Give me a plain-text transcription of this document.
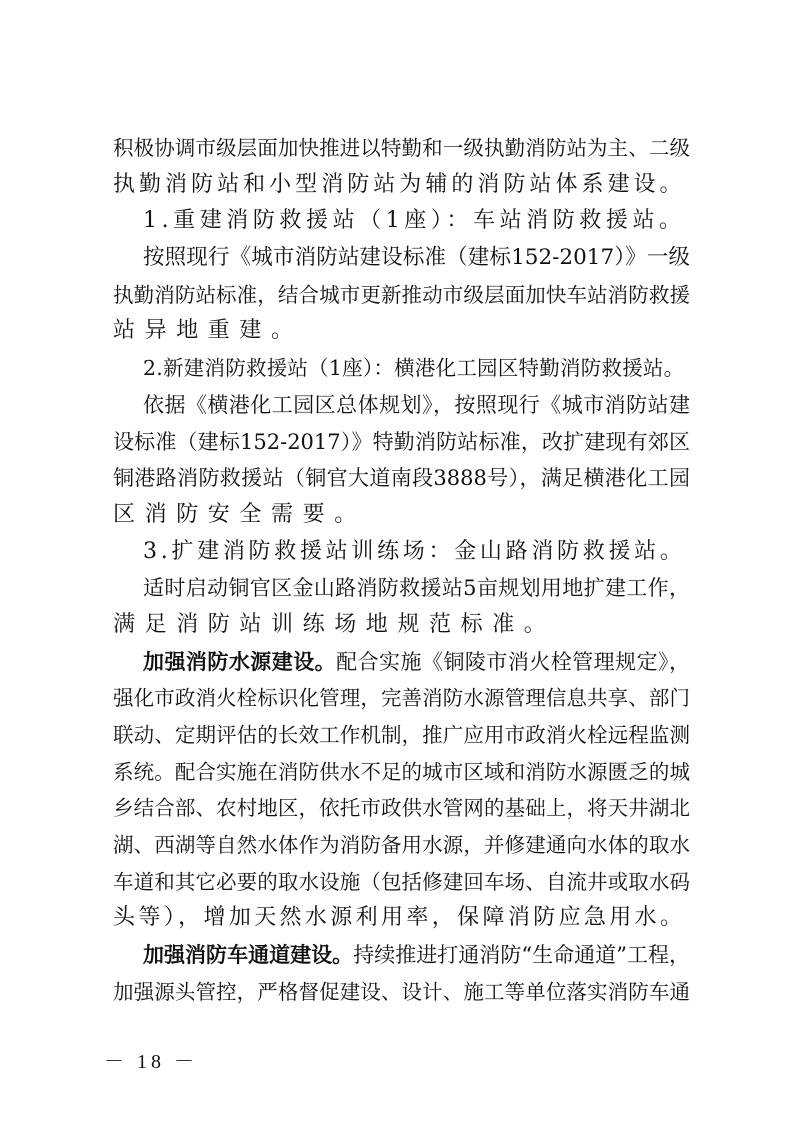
积极协调市级层面加快推进以特勤和一级执勤消防站为主、二级
执勤消防站和小型消防站为辅的消防站体系建设。
1.重建消防救援站（1座）：车站消防救援站。
按照现行《城市消防站建设标准（建标152-2017）》一级
执勤消防站标准，结合城市更新推动市级层面加快车站消防救援
站异地重建。
2.新建消防救援站（1座）：横港化工园区特勤消防救援站。
依据《横港化工园区总体规划》，按照现行《城市消防站建
设标准（建标152-2017）》特勤消防站标准，改扩建现有郊区
铜港路消防救援站（铜官大道南段3888号），满足横港化工园
区消防安全需要。
3.扩建消防救援站训练场：金山路消防救援站。
适时启动铜官区金山路消防救援站5亩规划用地扩建工作，
满足消防站训练场地规范标准。
加强消防水源建设。配合实施《铜陵市消火栓管理规定》，
强化市政消火栓标识化管理，完善消防水源管理信息共享、部门
联动、定期评估的长效工作机制，推广应用市政消火栓远程监测
系统。配合实施在消防供水不足的城市区域和消防水源匮乏的城
乡结合部、农村地区，依托市政供水管网的基础上，将天井湖北
湖、西湖等自然水体作为消防备用水源，并修建通向水体的取水
车道和其它必要的取水设施（包括修建回车场、自流井或取水码
头等），增加天然水源利用率，保障消防应急用水。
加强消防车通道建设。持续推进打通消防“生命通道”工程，
加强源头管控，严格督促建设、设计、施工等单位落实消防车通
－ 18 －
